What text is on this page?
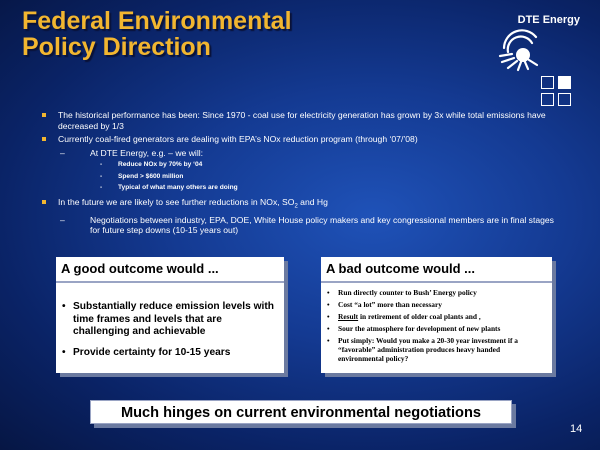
Federal Environmental
Policy Direction
DTE Energy
The historical performance has been: Since 1970 - coal use for electricity generation has grown by 3x while total emissions have decreased by 1/3
Currently coal-fired generators are dealing with EPA’s NOx reduction program (through ‘07/’08)
–	At DTE Energy, e.g. – we will:
- Reduce NOx by 70% by ‘04
- Spend > $600 million
- Typical of what many others are doing
In the future we are likely to see further reductions in NOx, $SO_2$ and Hg
–	Negotiations between industry, EPA, DOE, White House policy makers and key congressional members are in final stages for future step downs (10-15 years out)
A good outcome would ...
• Substantially reduce emission levels with time frames and levels that are challenging and achievable
• Provide certainty for 10-15 years
A bad outcome would ...
• Run directly counter to Bush’ Energy policy
• Cost “a lot” more than necessary
• Result in retirement of older coal plants and ,
• Sour the atmosphere for development of new plants
• Put simply: Would you make a 20-30 year investment if a “favorable” administration produces heavy handed environmental policy?
Much hinges on current environmental negotiations
14
